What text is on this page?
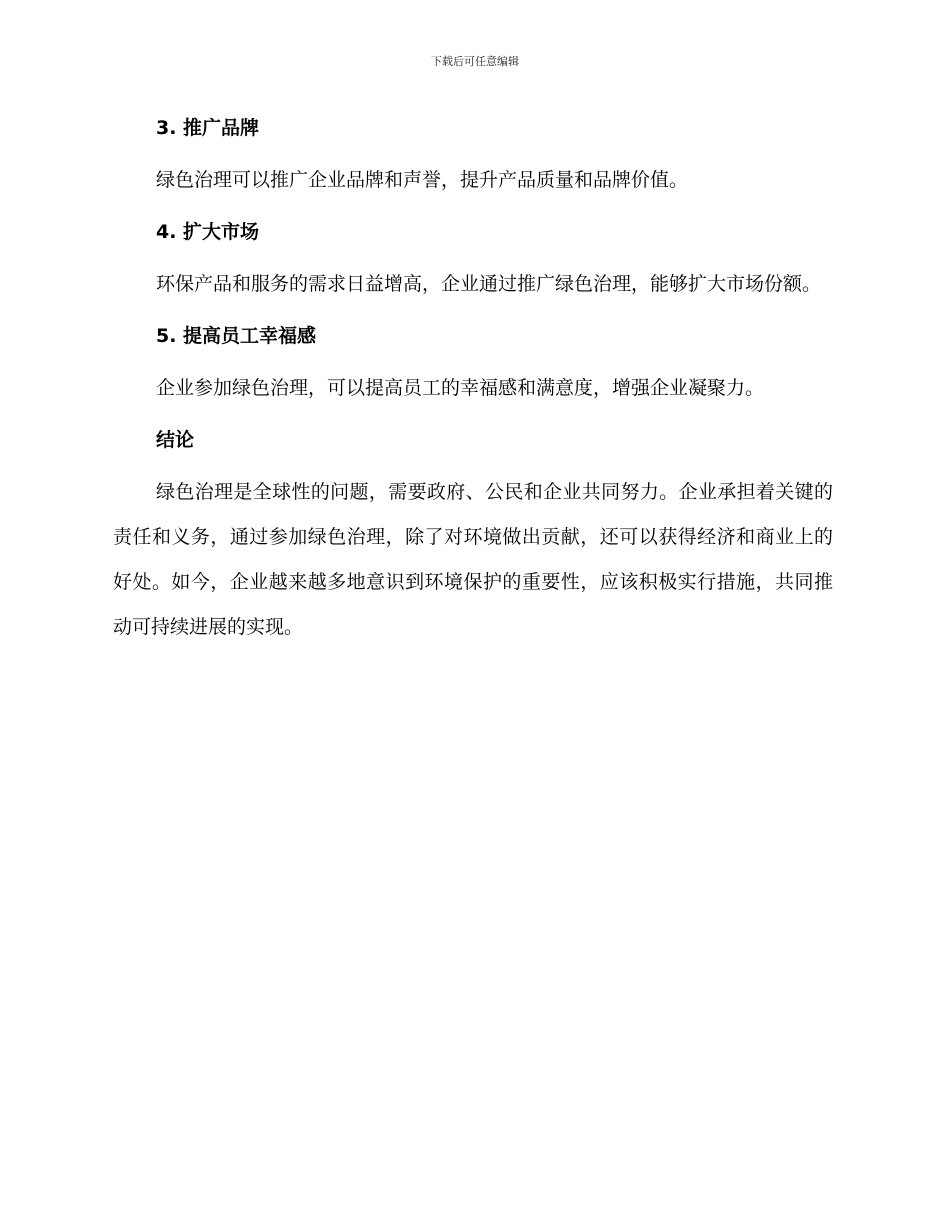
下载后可任意编辑
3. 推广品牌

绿色治理可以推广企业品牌和声誉，提升产品质量和品牌价值。

4. 扩大市场

环保产品和服务的需求日益增高，企业通过推广绿色治理，能够扩大市场份额。

5. 提高员工幸福感

企业参加绿色治理，可以提高员工的幸福感和满意度，增强企业凝聚力。

结论

绿色治理是全球性的问题，需要政府、公民和企业共同努力。企业承担着关键的责任和义务，通过参加绿色治理，除了对环境做出贡献，还可以获得经济和商业上的好处。如今，企业越来越多地意识到环境保护的重要性，应该积极实行措施，共同推动可持续进展的实现。
